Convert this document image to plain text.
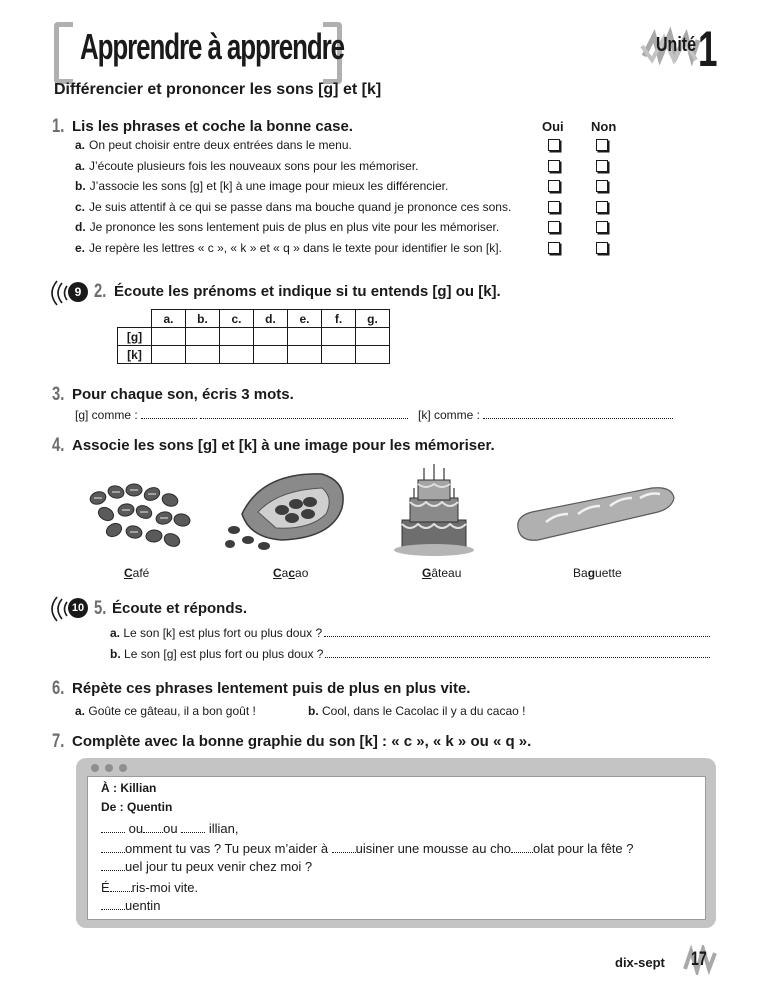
Apprendre à apprendre	Unité 1
Différencier et prononcer les sons [g] et [k]
1. Lis les phrases et coche la bonne case.	Oui Non
a. On peut choisir entre deux entrées dans le menu.
a. J’écoute plusieurs fois les nouveaux sons pour les mémoriser.
b. J’associe les sons [g] et [k] à une image pour mieux les différencier.
c. Je suis attentif à ce qui se passe dans ma bouche quand je prononce ces sons.
d. Je prononce les sons lentement puis de plus en plus vite pour les mémoriser.
e. Je repère les lettres « c », « k » et « q » dans le texte pour identifier le son [k].
9 2. Écoute les prénoms et indique si tu entends [g] ou [k].
	a.	b.	c.	d.	e.	f.	g.
[g]							
[k]							
3. Pour chaque son, écris 3 mots.
[g] comme :	[k] comme :
4. Associe les sons [g] et [k] à une image pour les mémoriser.
Café	Cacao	Gâteau	Baguette
10 5. Écoute et réponds.
a.
Le son [k] est plus fort ou plus doux ?
b.
Le son [g] est plus fort ou plus doux ?
6. Répète ces phrases lentement puis de plus en plus vite.
a. Goûte ce gâteau, il a bon goût !	b. Cool, dans le Cacolac il y a du cacao !
7. Complète avec la bonne graphie du son [k] : « c », « k » ou « q ».
À : Killian
De : Quentin
ou ou illian,
omment tu vas ? Tu peux m’aider à uisiner une mousse au cho olat pour la fête ?
uel jour tu peux venir chez moi ?
É ris-moi vite.
uentin
dix-sept 17
